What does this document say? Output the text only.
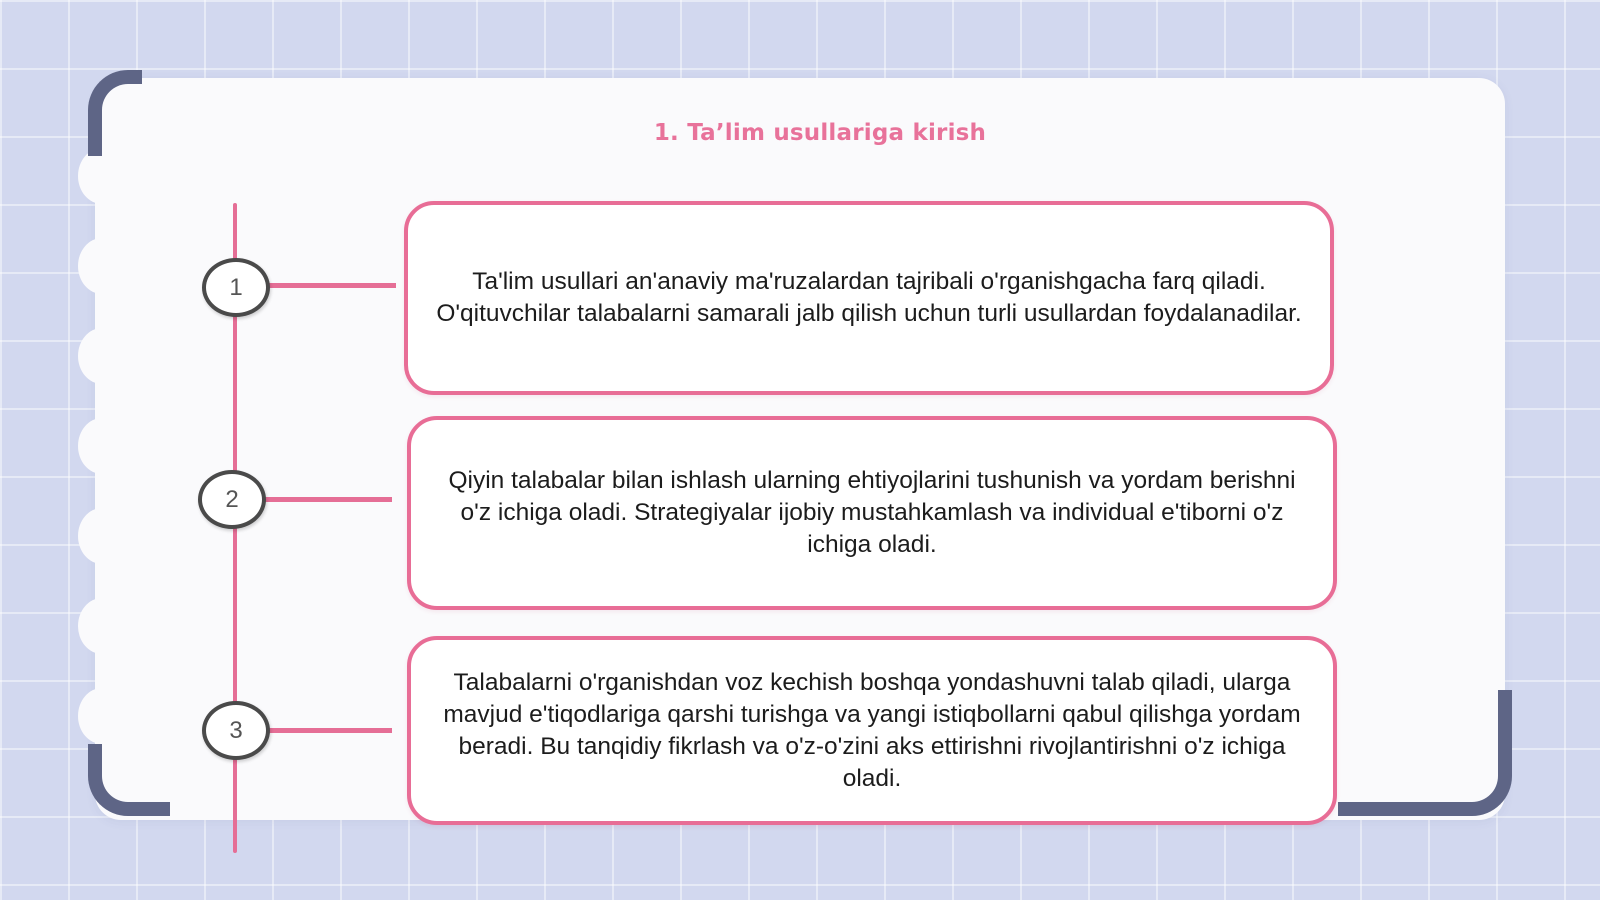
1. Ta’lim usullariga kirish
1
2
3
Ta'lim usullari an'anaviy ma'ruzalardan tajribali o'rganishgacha farq qiladi. O'qituvchilar talabalarni samarali jalb qilish uchun turli usullardan foydalanadilar.
Qiyin talabalar bilan ishlash ularning ehtiyojlarini tushunish va yordam berishni o'z ichiga oladi. Strategiyalar ijobiy mustahkamlash va individual e'tiborni o'z ichiga oladi.
Talabalarni o'rganishdan voz kechish boshqa yondashuvni talab qiladi, ularga mavjud e'tiqodlariga qarshi turishga va yangi istiqbollarni qabul qilishga yordam beradi. Bu tanqidiy fikrlash va o'z-o'zini aks ettirishni rivojlantirishni o'z ichiga oladi.
